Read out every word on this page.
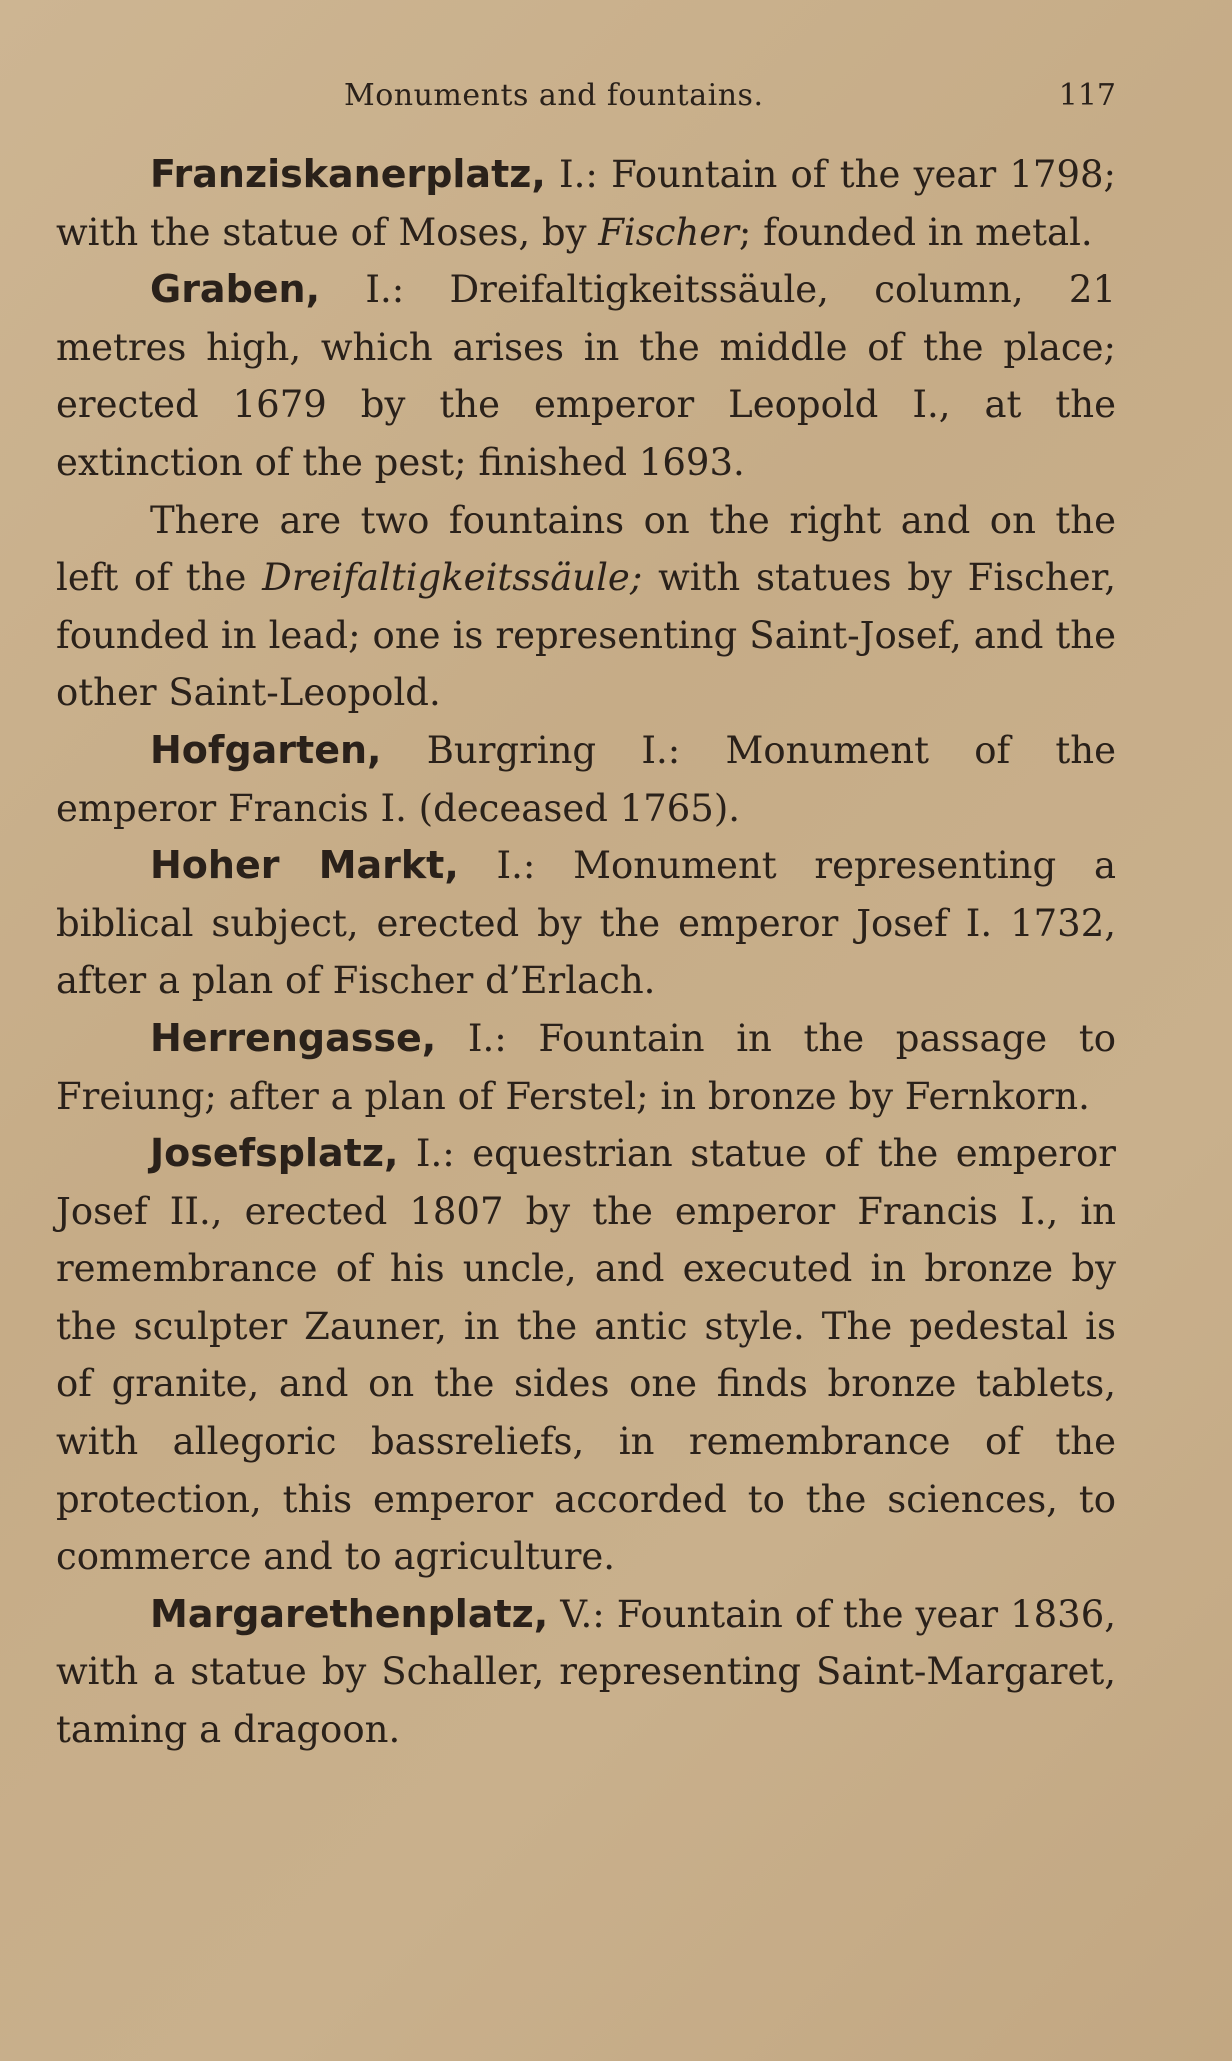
Monuments and fountains.	117

Franziskanerplatz, I.: Fountain of the year 1798; with the statue of Moses, by Fischer; founded in metal.

Graben, I.: Dreifaltigkeitssäule, column, 21 metres high, which arises in the middle of the place; erected 1679 by the emperor Leopold I., at the extinction of the pest; finished 1693.

There are two fountains on the right and on the left of the Dreifaltigkeitssäule; with statues by Fischer, founded in lead; one is representing Saint-Josef, and the other Saint-Leopold.

Hofgarten, Burgring I.: Monument of the emperor Francis I. (deceased 1765).

Hoher Markt, I.: Monument representing a biblical subject, erected by the emperor Josef I. 1732, after a plan of Fischer d’Erlach.

Herrengasse, I.: Fountain in the passage to Freiung; after a plan of Ferstel; in bronze by Fernkorn.

Josefsplatz, I.: equestrian statue of the emperor Josef II., erected 1807 by the emperor Francis I., in remembrance of his uncle, and executed in bronze by the sculpter Zauner, in the antic style. The pedestal is of granite, and on the sides one finds bronze tablets, with allegoric bassreliefs, in remembrance of the protection, this emperor accorded to the sciences, to commerce and to agriculture.

Margarethenplatz, V.: Fountain of the year 1836, with a statue by Schaller, representing Saint-Margaret, taming a dragoon.
